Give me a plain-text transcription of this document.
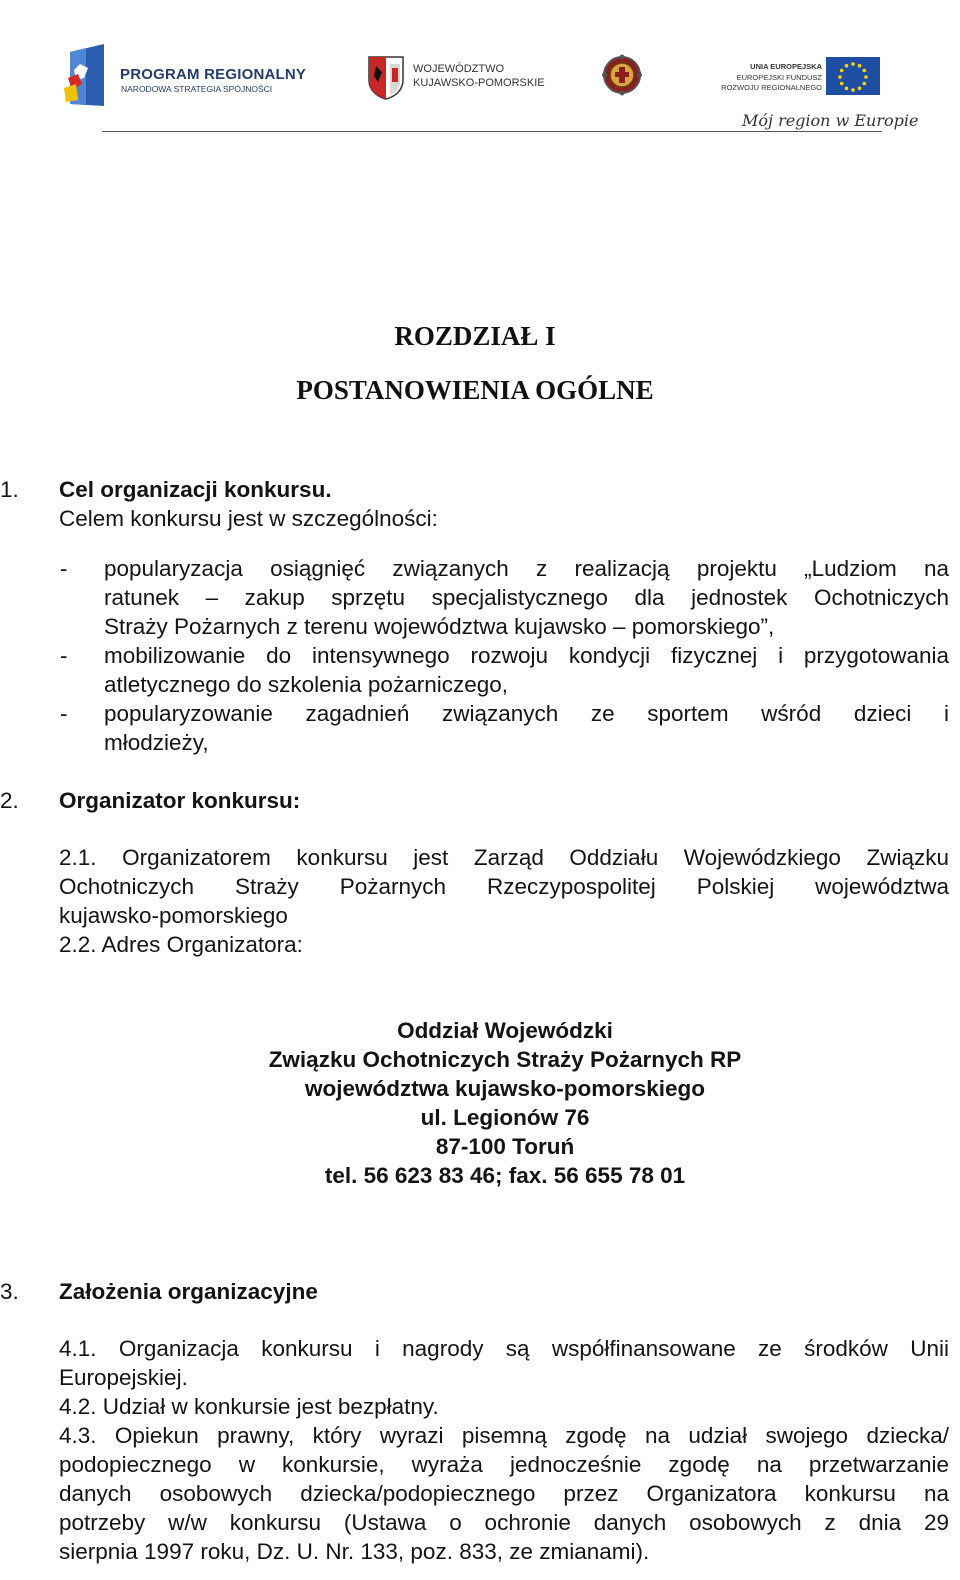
PROGRAM REGIONALNY
NARODOWA STRATEGIA SPÓJNOŚCI
WOJEWÓDZTWO
KUJAWSKO-POMORSKIE
UNIA EUROPEJSKA
EUROPEJSKI FUNDUSZ
ROZWOJU REGIONALNEGO
Mój region w Europie
ROZDZIAŁ I
POSTANOWIENIA OGÓLNE
1. Cel organizacji konkursu.
Celem konkursu jest w szczególności:
- popularyzacja osiągnięć związanych z realizacją projektu „Ludziom na
ratunek – zakup sprzętu specjalistycznego dla jednostek Ochotniczych
Straży Pożarnych z terenu województwa kujawsko – pomorskiego”,
- mobilizowanie do intensywnego rozwoju kondycji fizycznej i przygotowania
atletycznego do szkolenia pożarniczego,
- popularyzowanie zagadnień związanych ze sportem wśród dzieci i
młodzieży,
2. Organizator konkursu:
2.1. Organizatorem konkursu jest Zarząd Oddziału Wojewódzkiego Związku
Ochotniczych Straży Pożarnych Rzeczypospolitej Polskiej województwa
kujawsko-pomorskiego
2.2. Adres Organizatora:
Oddział Wojewódzki
Związku Ochotniczych Straży Pożarnych RP
województwa kujawsko-pomorskiego
ul. Legionów 76
87-100 Toruń
tel. 56 623 83 46; fax. 56 655 78 01
3. Założenia organizacyjne
4.1. Organizacja konkursu i nagrody są współfinansowane ze środków Unii
Europejskiej.
4.2. Udział w konkursie jest bezpłatny.
4.3. Opiekun prawny, który wyrazi pisemną zgodę na udział swojego dziecka/
podopiecznego w konkursie, wyraża jednocześnie zgodę na przetwarzanie
danych osobowych dziecka/podopiecznego przez Organizatora konkursu na
potrzeby w/w konkursu (Ustawa o ochronie danych osobowych z dnia 29
sierpnia 1997 roku, Dz. U. Nr. 133, poz. 833, ze zmianami).
